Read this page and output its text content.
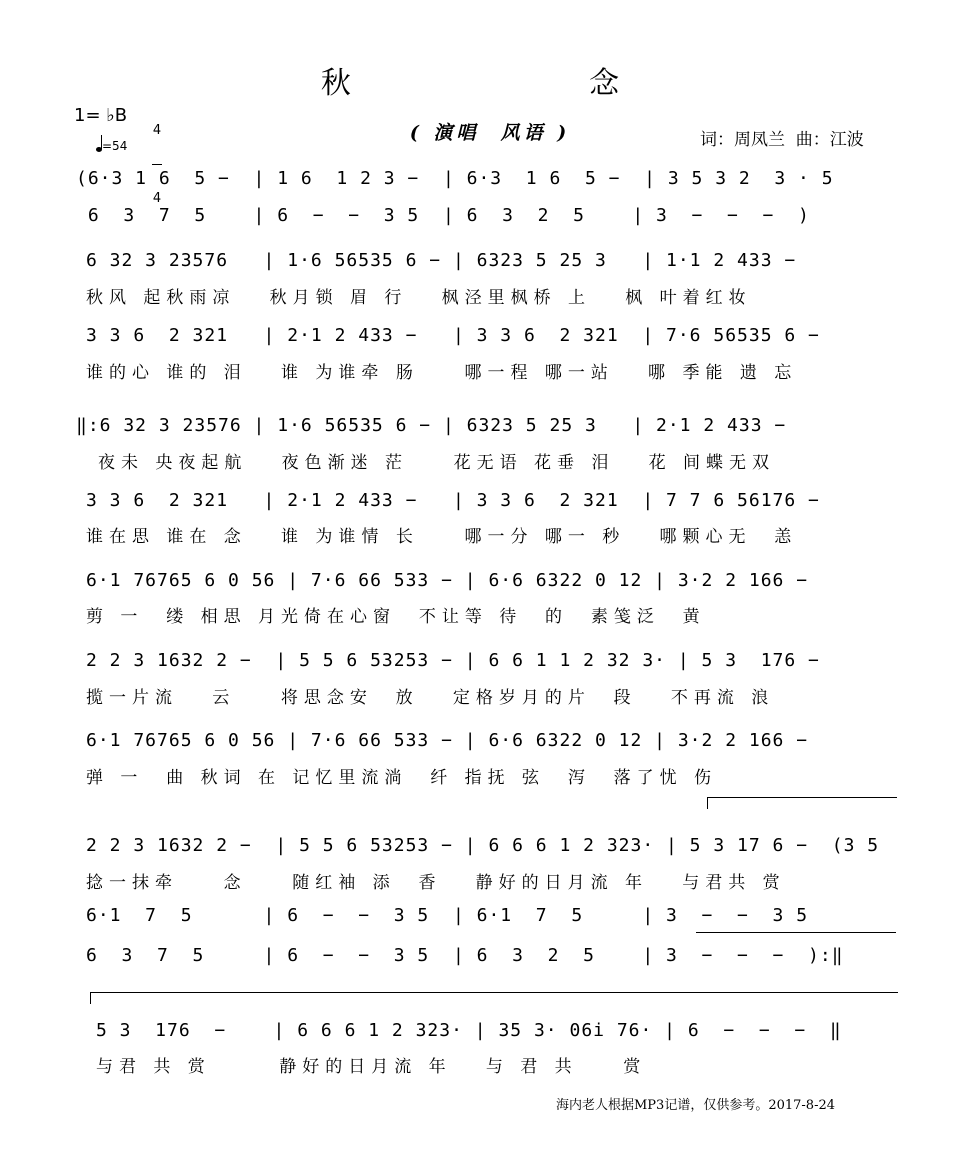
秋    念
( 演唱  风语 )	词：周凤兰  曲：江波
1= ♭B

4

4

=54
(6·3 1 6  5 −  | 1 6  1 2 3 −  | 6·3  1 6  5 −  | 3 5 3 2  3 · 5
6  3  7  5    | 6  −  −  3 5  | 6  3  2  5    | 3  −  −  −  )
6 32 3 23576   | 1·6 56535 6 − | 6323 5 25 3   | 1·1 2 433 −
秋风 起秋雨凉   秋月锁 眉 行   枫泾里枫桥 上   枫 叶着红妆
3 3 6  2 321   | 2·1 2 433 −   | 3 3 6  2 321  | 7·6 56535 6 −
谁的心 谁的 泪   谁 为谁牵 肠    哪一程 哪一站   哪 季能 遗 忘
‖:6 32 3 23576 | 1·6 56535 6 − | 6323 5 25 3   | 2·1 2 433 −
夜未 央夜起航   夜色渐迷 茫    花无语 花垂 泪   花 间蝶无双
3 3 6  2 321   | 2·1 2 433 −   | 3 3 6  2 321  | 7 7 6 56176 −
谁在思 谁在 念   谁 为谁情 长    哪一分 哪一 秒   哪颗心无  恙
6·1 76765 6 0 56 | 7·6 66 533 − | 6·6 6322 0 12 | 3·2 2 166 −
剪 一  缕 相思 月光倚在心窗  不让等 待  的  素笺泛  黄
2 2 3 1632 2 −  | 5 5 6 53253 − | 6 6 1 1 2 32 3· | 5 3  176 −
揽一片流   云    将思念安  放   定格岁月的片  段   不再流 浪
6·1 76765 6 0 56 | 7·6 66 533 − | 6·6 6322 0 12 | 3·2 2 166 −
弹 一  曲 秋词 在 记忆里流淌  纤 指抚 弦  泻  落了忧 伤
2 2 3 1632 2 −  | 5 5 6 53253 − | 6 6 6 1 2 323· | 5 3 17 6 −  (3 5
捻一抹牵    念    随红袖 添  香   静好的日月流 年   与君共 赏
6·1  7  5      | 6  −  −  3 5  | 6·1  7  5     | 3  −  −  3 5
6  3  7  5     | 6  −  −  3 5  | 6  3  2  5    | 3  −  −  −  ):‖
5 3  176  −    | 6 6 6 1 2 323· | 35 3· 06i 76· | 6  −  −  −  ‖
与君 共 赏      静好的日月流 年   与 君 共    赏
海内老人根据MP3记谱，仅供参考。2017-8-24
